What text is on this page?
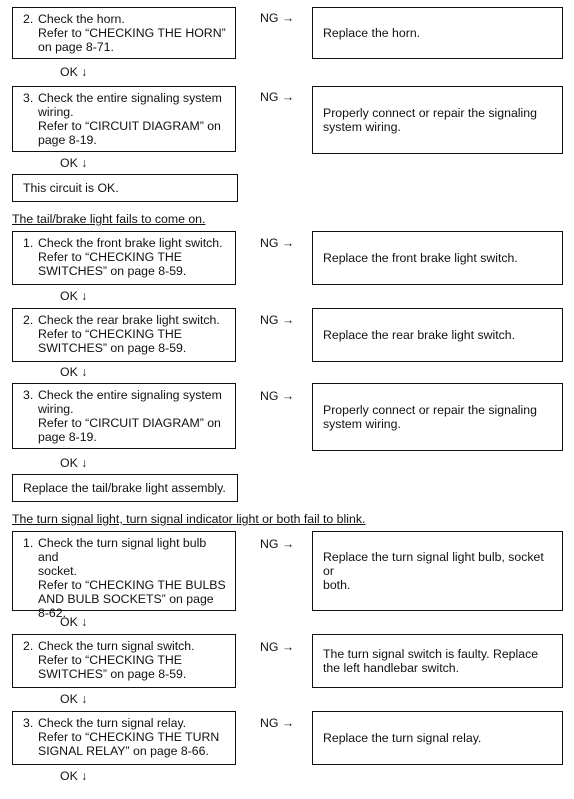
2. Check the horn.
Refer to “CHECKING THE HORN”
on page 8-71.
NG →
Replace the horn.
OK ↓
3. Check the entire signaling system
wiring.
Refer to “CIRCUIT DIAGRAM” on
page 8-19.
NG →
Properly connect or repair the signaling
system wiring.
OK ↓
This circuit is OK.
The tail/brake light fails to come on.
1. Check the front brake light switch.
Refer to “CHECKING THE
SWITCHES” on page 8-59.
NG →
Replace the front brake light switch.
OK ↓
2. Check the rear brake light switch.
Refer to “CHECKING THE
SWITCHES” on page 8-59.
NG →
Replace the rear brake light switch.
OK ↓
3. Check the entire signaling system
wiring.
Refer to “CIRCUIT DIAGRAM” on
page 8-19.
NG →
Properly connect or repair the signaling
system wiring.
OK ↓
Replace the tail/brake light assembly.
The turn signal light, turn signal indicator light or both fail to blink.
1. Check the turn signal light bulb and
socket.
Refer to “CHECKING THE BULBS
AND BULB SOCKETS” on page
8-62.
NG →
Replace the turn signal light bulb, socket or
both.
OK ↓
2. Check the turn signal switch.
Refer to “CHECKING THE
SWITCHES” on page 8-59.
NG →	The turn signal switch is faulty. Replace
the left handlebar switch.
OK ↓
3. Check the turn signal relay.
Refer to “CHECKING THE TURN
SIGNAL RELAY” on page 8-66.
NG →
Replace the turn signal relay.
OK ↓
